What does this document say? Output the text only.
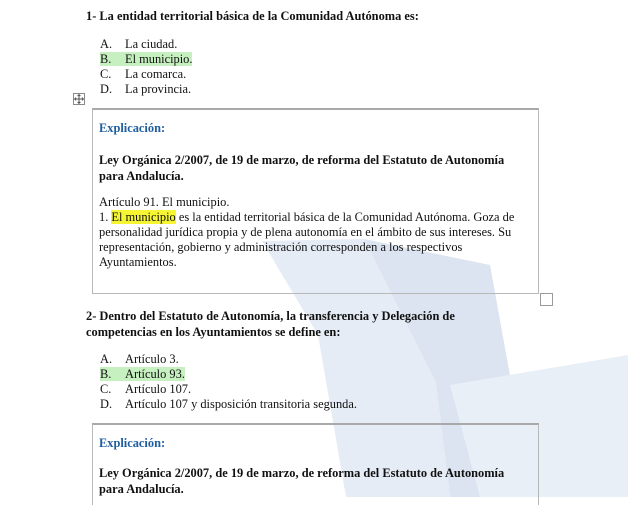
1- La entidad territorial básica de la Comunidad Autónoma es:
A. La ciudad.
B. El municipio.
C. La comarca.
D. La provincia.
Explicación:
Ley Orgánica 2/2007, de 19 de marzo, de reforma del Estatuto de Autonomía para Andalucía.
Artículo 91. El municipio.
1. El municipio es la entidad territorial básica de la Comunidad Autónoma. Goza de personalidad jurídica propia y de plena autonomía en el ámbito de sus intereses. Su representación, gobierno y administración corresponden a los respectivos Ayuntamientos.
2- Dentro del Estatuto de Autonomía, la transferencia y Delegación de competencias en los Ayuntamientos se define en:
A. Artículo 3.
B. Artículo 93.
C. Artículo 107.
D. Artículo 107 y disposición transitoria segunda.
Explicación:
Ley Orgánica 2/2007, de 19 de marzo, de reforma del Estatuto de Autonomía para Andalucía.
